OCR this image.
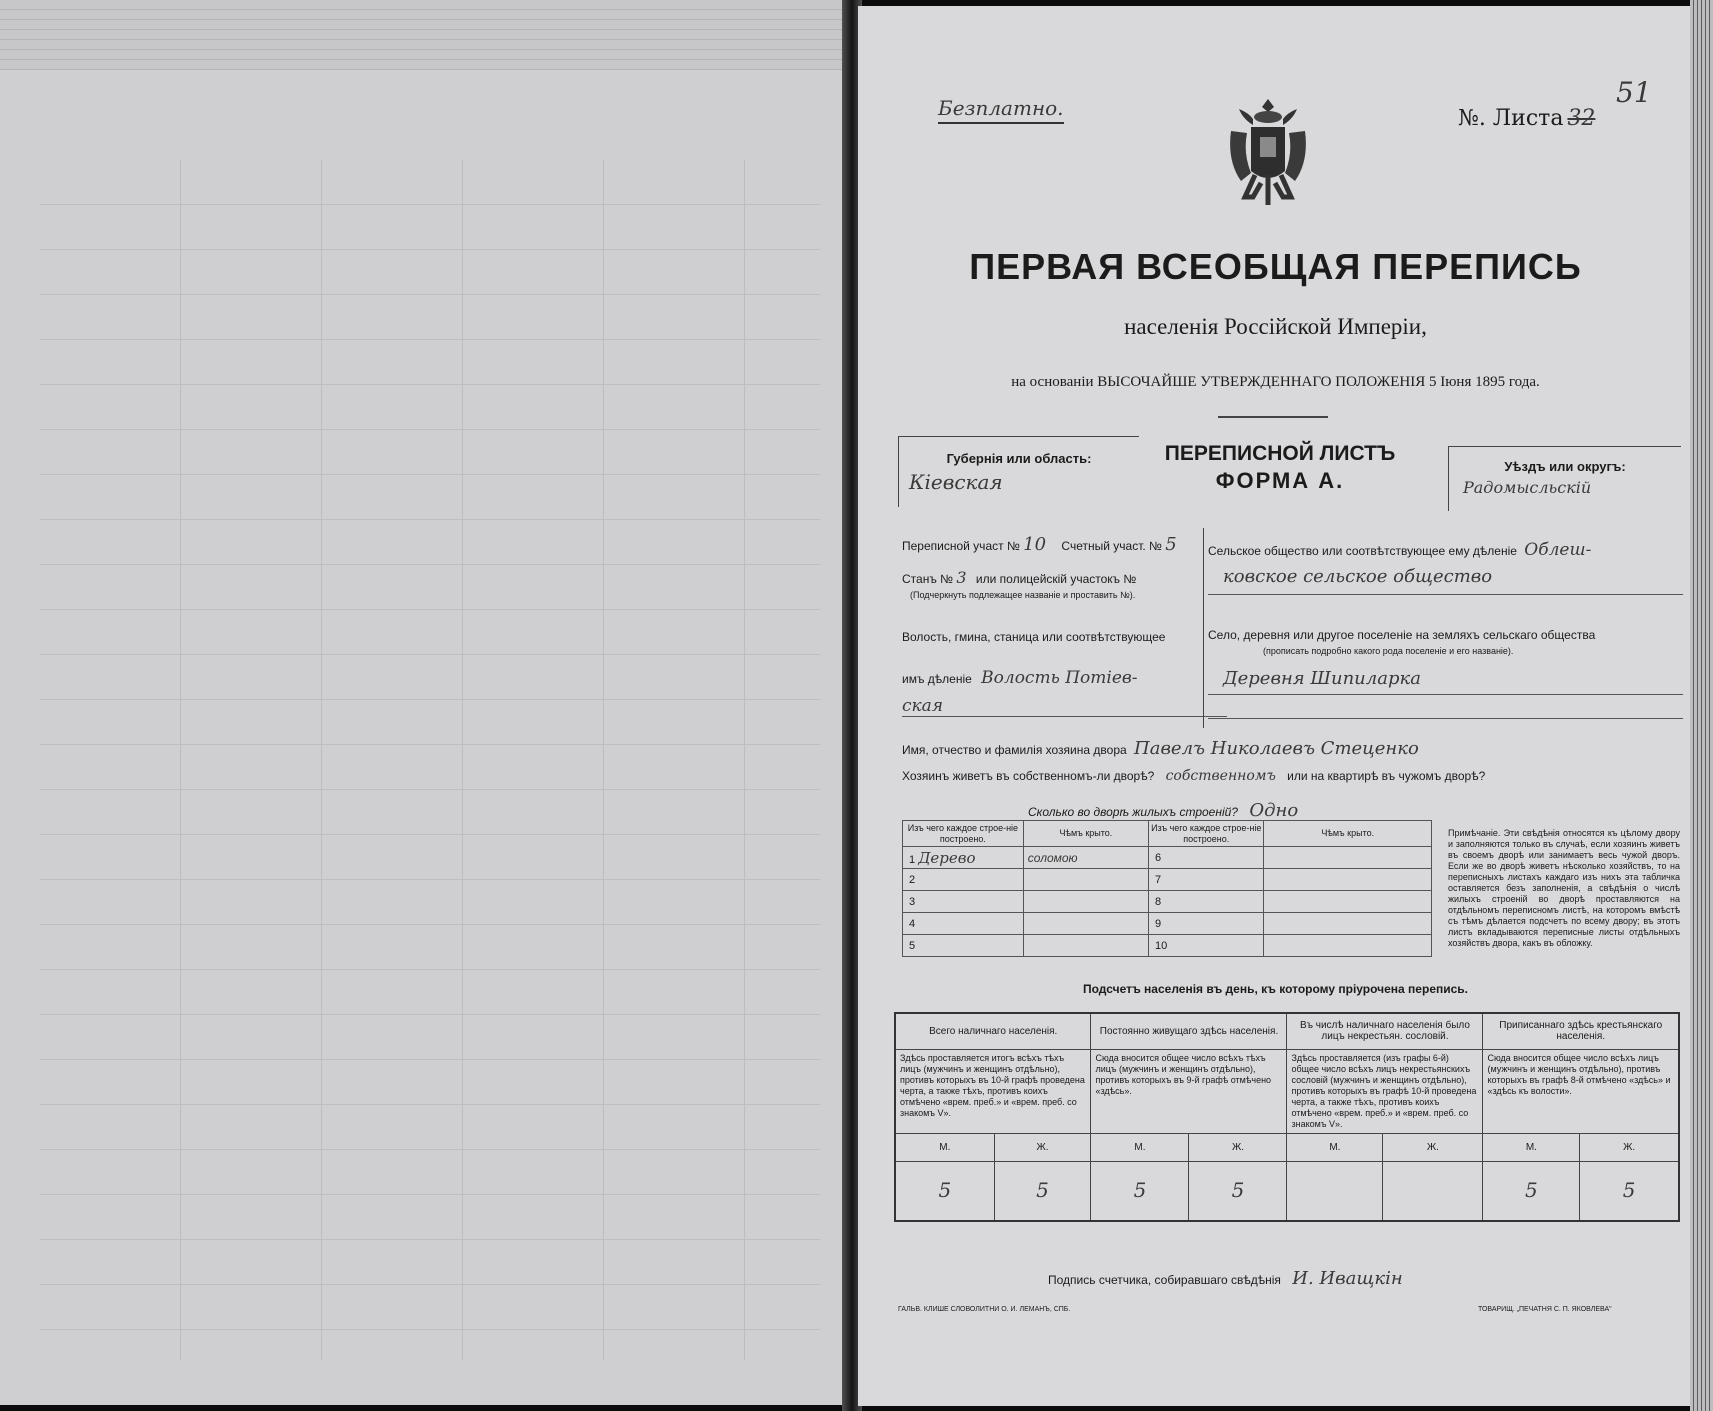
Безплатно.	№. Листа 32
51
ПЕРВАЯ ВСЕОБЩАЯ ПЕРЕПИСЬ
населенія Россійской Имперіи,
на основаніи ВЫСОЧАЙШЕ УТВЕРЖДЕННАГО ПОЛОЖЕНІЯ 5 Іюня 1895 года.
Губернія или область:
Кіевская
ПЕРЕПИСНОЙ ЛИСТЪ
ФОРМА А.
Уѣздъ или округъ:
Радомысльскій
Переписной участ № 10 Счетный участ. № 5
Станъ № 3 или полицейскій участокъ №
(Подчеркнуть подлежащее названіе и проставить №).
Волость, гмина, станица или соотвѣтствующее
имъ дѣленіе Волость Потіев-
ская
Сельское общество или соотвѣтствующее ему дѣленіе Облеш-
ковское сельское общество
Село, деревня или другое поселеніе на земляхъ сельскаго общества
(прописать подробно какого рода поселеніе и его названіе).
Деревня Шипиларка
Имя, отчество и фамилія хозяина двора Павелъ Николаевъ Стеценко
Хозяинъ живетъ въ собственномъ-ли дворѣ? собственномъ или на квартирѣ въ чужомъ дворѣ?
Сколько во дворѣ жилыхъ строеній? Одно
Изъ чего каждое строе-ніе построено.	Чѣмъ крыто.	Изъ чего каждое строе-ніе построено.	Чѣмъ крыто.
1 Дерево	соломою	6	
2		7	
3		8	
4		9	
5		10	
Примѣчаніе. Эти свѣдѣнія относятся къ цѣлому двору и заполняются только въ случаѣ, если хозяинъ живетъ въ своемъ дворѣ или занимаетъ весь чужой дворъ. Если же во дворѣ живетъ нѣсколько хозяйствъ, то на переписныхъ листахъ каждаго изъ нихъ эта табличка оставляется безъ заполненія, а свѣдѣнія о числѣ жилыхъ строеній во дворѣ проставляются на отдѣльномъ переписномъ листѣ, на которомъ вмѣстѣ съ тѣмъ дѣлается подсчетъ по всему двору; въ этотъ листъ вкладываются переписные листы отдѣльныхъ хозяйствъ двора, какъ въ обложку.
Подсчетъ населенія въ день, къ которому пріурочена перепись.
Всего наличнаго населенія.		Постоянно живущаго здѣсь населенія.		Въ числѣ наличнаго населенія было лицъ некрестьян. сословій.		Приписаннаго здѣсь крестьянскаго населенія.	
Здѣсь проставляется итогъ всѣхъ тѣхъ лицъ (мужчинъ и женщинъ отдѣльно), противъ которыхъ въ 10-й графѣ проведена черта, а также тѣхъ, противъ коихъ отмѣчено «врем. преб.» и «врем. преб. со знакомъ V».		Сюда вносится общее число всѣхъ тѣхъ лицъ (мужчинъ и женщинъ отдѣльно), противъ которыхъ въ 9-й графѣ отмѣчено «здѣсь».		Здѣсь проставляется (изъ графы 6-й) общее число всѣхъ лицъ некрестьянскихъ сословій (мужчинъ и женщинъ отдѣльно), противъ которыхъ въ графѣ 10-й проведена черта, а также тѣхъ, противъ коихъ отмѣчено «врем. преб.» и «врем. преб. со знакомъ V».		Сюда вносится общее число всѣхъ лицъ (мужчинъ и женщинъ отдѣльно), противъ которыхъ въ графѣ 8-й отмѣчено «здѣсь» и «здѣсь къ волости».	
М.	Ж.	М.	Ж.	М.	Ж.	М.	Ж.
5	5	5	5			5	5
Подпись счетчика, собиравшаго свѣдѣнія И. Иващкін
ГАЛЬВ. КЛИШЕ СЛОВОЛИТНИ О. И. ЛЕМАНЪ, СПБ.	ТОВАРИЩ. „ПЕЧАТНЯ С. П. ЯКОВЛЕВА"
